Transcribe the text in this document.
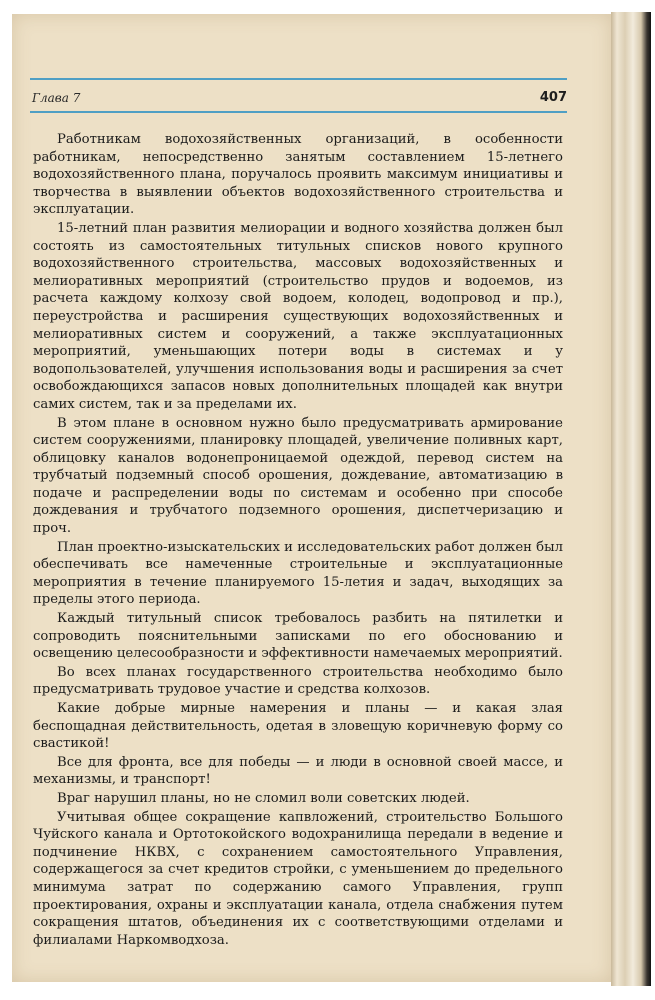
Глава 7	407

Работникам водохозяйственных организаций, в особенности работникам, непосредственно занятым составлением 15-летнего водохозяйственного плана, поручалось проявить максимум инициативы и творчества в выявлении объектов водохозяйственного строительства и эксплуатации.

15-летний план развития мелиорации и водного хозяйства должен был состоять из самостоятельных титульных списков нового крупного водохозяйственного строительства, массовых водохозяйственных и мелиоративных мероприятий (строительство прудов и водоемов, из расчета каждому колхозу свой водоем, колодец, водопровод и пр.), переустройства и расширения существующих водохозяйственных и мелиоративных систем и сооружений, а также эксплуатационных мероприятий, уменьшающих потери воды в системах и у водопользователей, улучшения использования воды и расширения за счет освобождающихся запасов новых дополнительных площадей как внутри самих систем, так и за пределами их.

В этом плане в основном нужно было предусматривать армирование систем сооружениями, планировку площадей, увеличение поливных карт, облицовку каналов водонепроницаемой одеждой, перевод систем на трубчатый подземный способ орошения, дождевание, автоматизацию в подаче и распределении воды по системам и особенно при способе дождевания и трубчатого подземного орошения, диспетчеризацию и проч.

План проектно-изыскательских и исследовательских работ должен был обеспечивать все намеченные строительные и эксплуатационные мероприятия в течение планируемого 15-летия и задач, выходящих за пределы этого периода.

Каждый титульный список требовалось разбить на пятилетки и сопроводить пояснительными записками по его обоснованию и освещению целесообразности и эффективности намечаемых мероприятий.

Во всех планах государственного строительства необходимо было предусматривать трудовое участие и средства колхозов.

Какие добрые мирные намерения и планы — и какая злая беспощадная действительность, одетая в зловещую коричневую форму со свастикой!

Все для фронта, все для победы — и люди в основной своей массе, и механизмы, и транспорт!

Враг нарушил планы, но не сломил воли советских людей.

Учитывая общее сокращение капвложений, строительство Большого Чуйского канала и Ортотокойского водохранилища передали в ведение и подчинение НКВХ, с сохранением самостоятельного Управления, содержащегося за счет кредитов стройки, с уменьшением до предельного минимума затрат по содержанию самого Управления, групп проектирования, охраны и эксплуатации канала, отдела снабжения путем сокращения штатов, объединения их с соответствующими отделами и филиалами Наркомводхоза.
